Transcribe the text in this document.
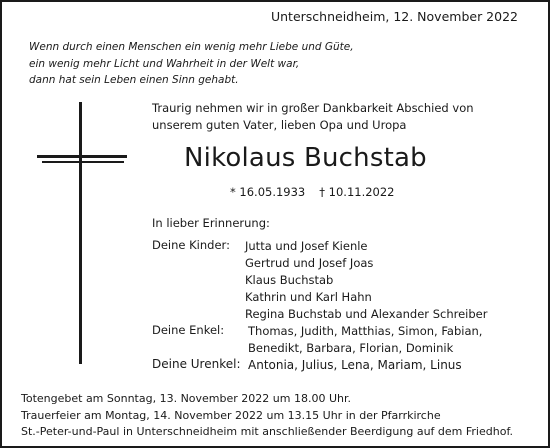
Unterschneidheim, 12. November 2022
Wenn durch einen Menschen ein wenig mehr Liebe und Güte,
ein wenig mehr Licht und Wahrheit in der Welt war,
dann hat sein Leben einen Sinn gehabt.
Traurig nehmen wir in großer Dankbarkeit Abschied von
unserem guten Vater, lieben Opa und Uropa
Nikolaus Buchstab
* 16.05.1933 † 10.11.2022
In lieber Erinnerung:
Deine Kinder: Jutta und Josef Kienle
Gertrud und Josef Joas
Klaus Buchstab
Kathrin und Karl Hahn
Regina Buchstab und Alexander Schreiber
Deine Enkel: Thomas, Judith, Matthias, Simon, Fabian,
Benedikt, Barbara, Florian, Dominik
Deine Urenkel: Antonia, Julius, Lena, Mariam, Linus
Totengebet am Sonntag, 13. November 2022 um 18.00 Uhr.
Trauerfeier am Montag, 14. November 2022 um 13.15 Uhr in der Pfarrkirche
St.-Peter-und-Paul in Unterschneidheim mit anschließender Beerdigung auf dem Friedhof.
